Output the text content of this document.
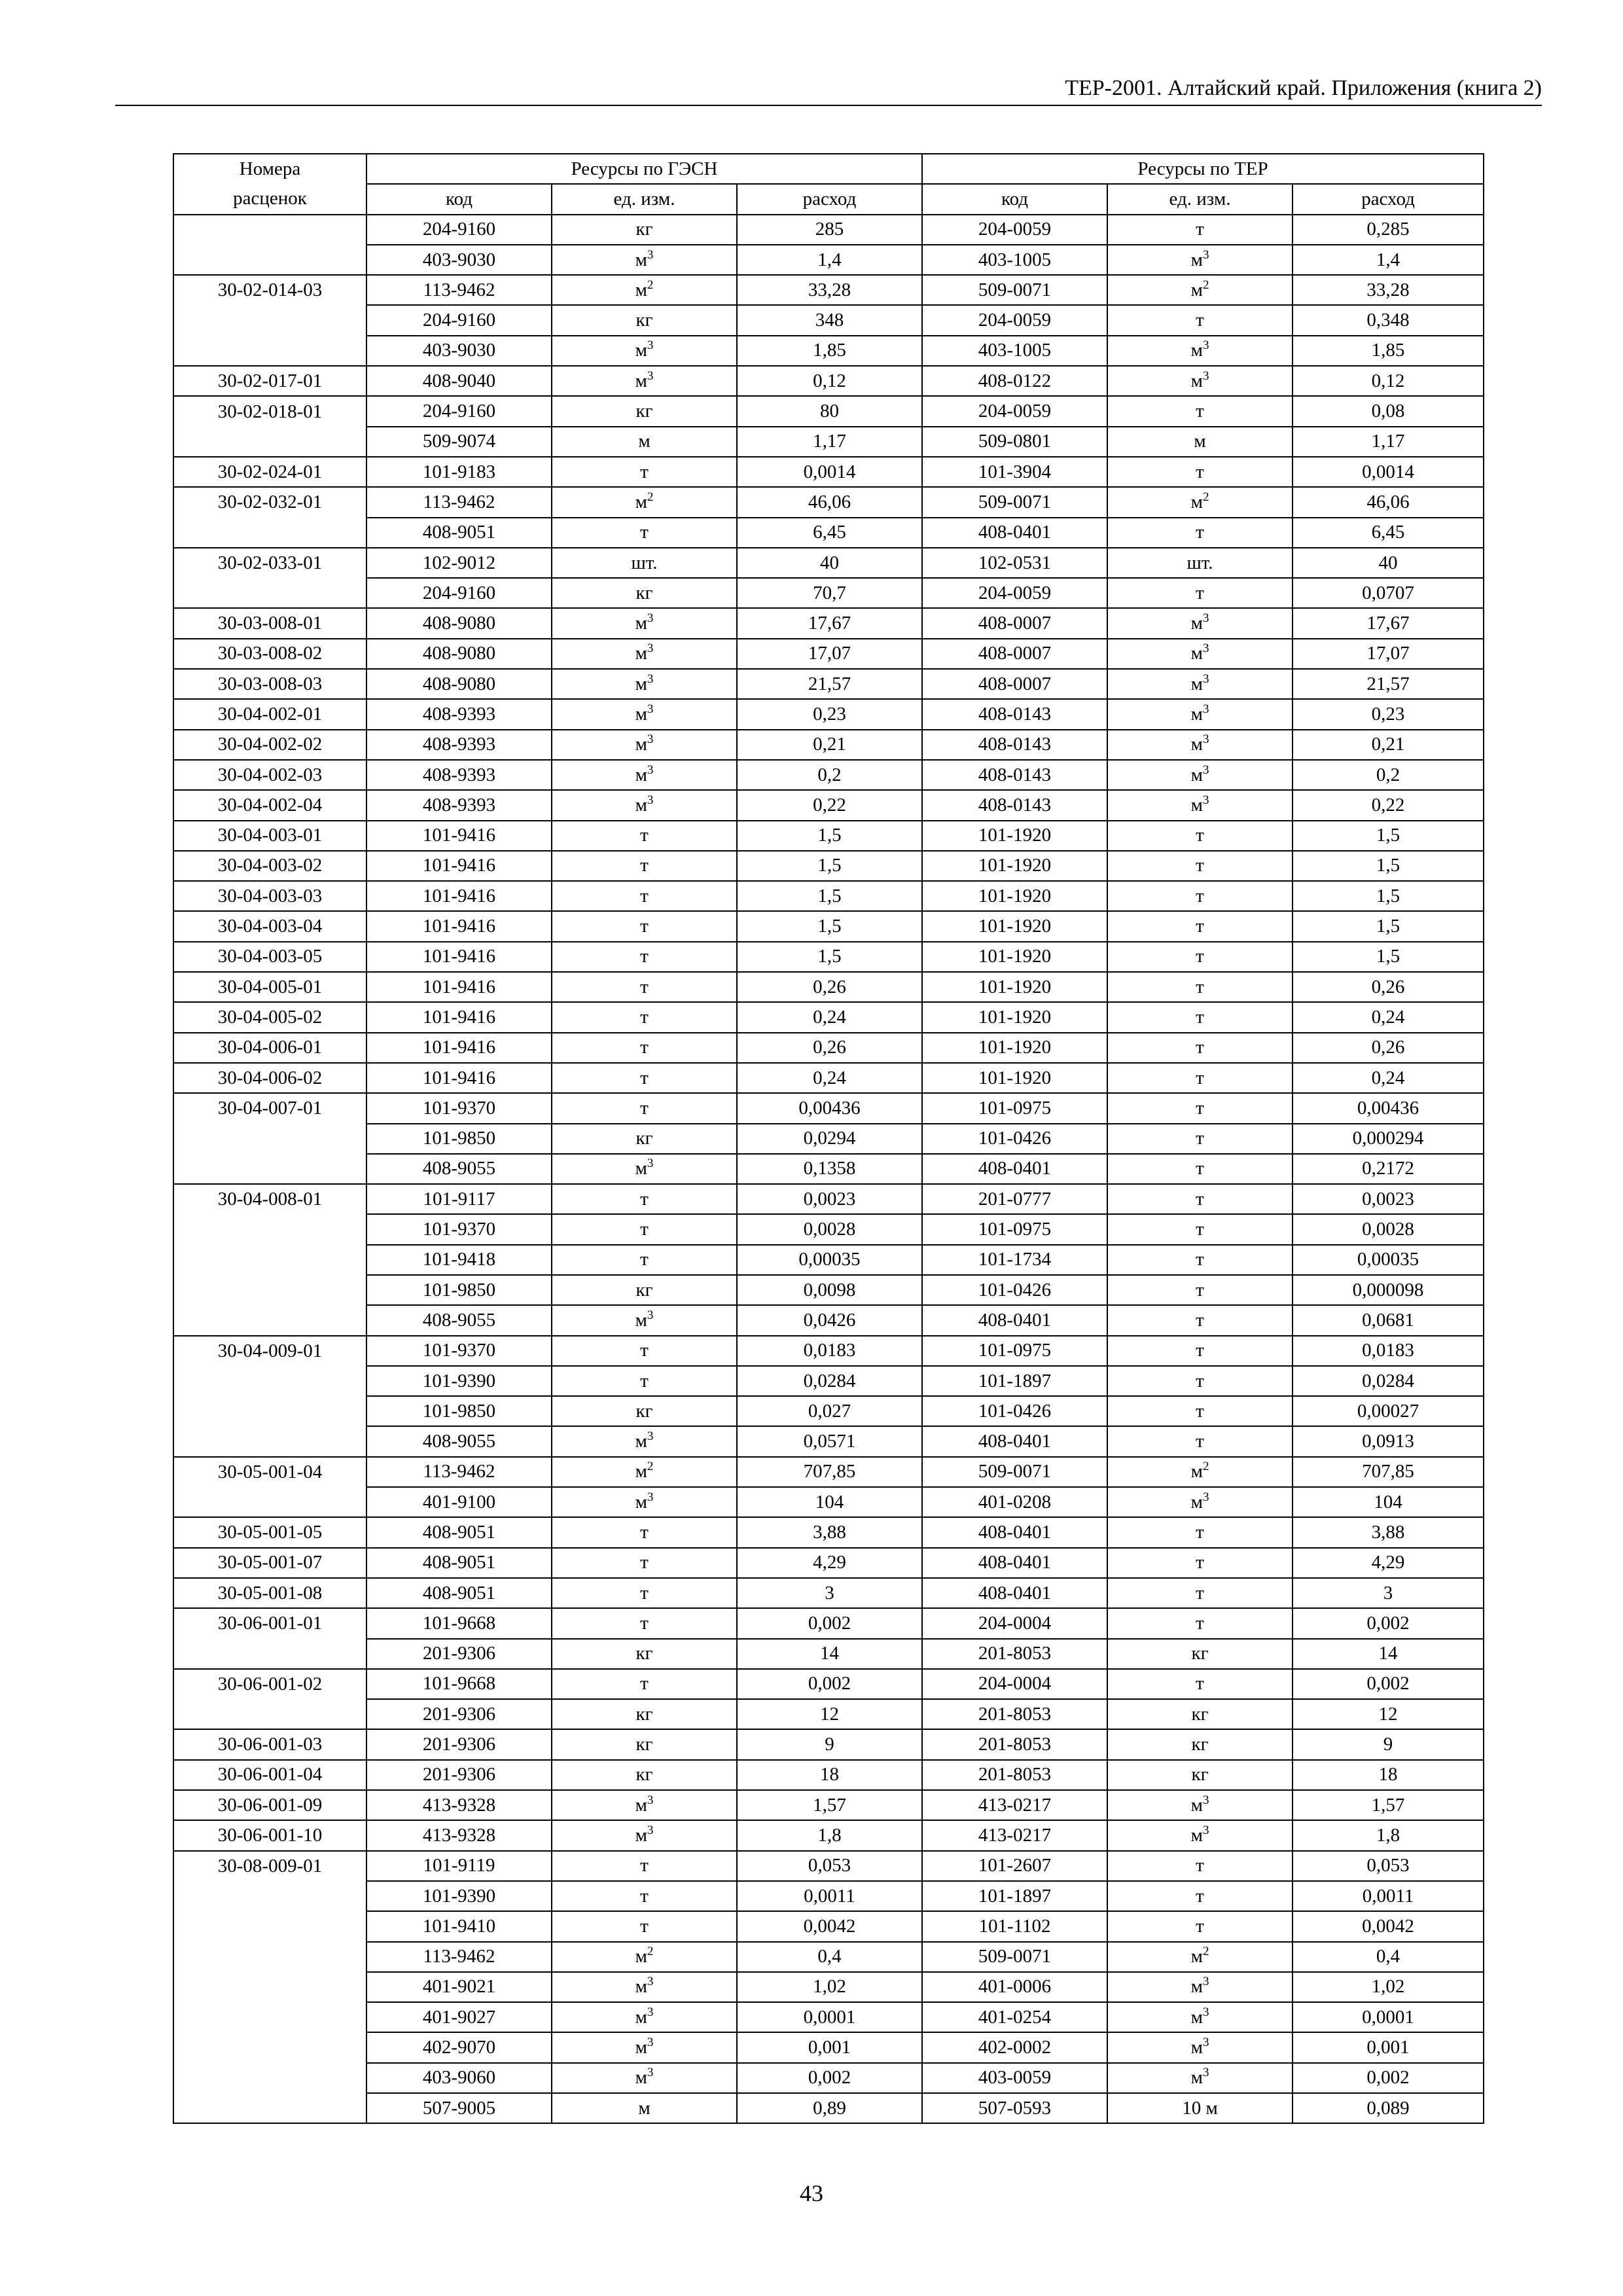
ТЕР-2001. Алтайский край. Приложения (книга 2)
Номера	Ресурсы по ГЭСН			Ресурсы по ТЕР		
расценок	код	ед. изм.	расход	код	ед. изм.	расход
	204-9160	кг	285	204-0059	т	0,285
	403-9030	$м^3$	1,4	403-1005	$м^3$	1,4
30-02-014-03	113-9462	$м^2$	33,28	509-0071	$м^2$	33,28
	204-9160	кг	348	204-0059	т	0,348
	403-9030	$м^3$	1,85	403-1005	$м^3$	1,85
30-02-017-01	408-9040	$м^3$	0,12	408-0122	$м^3$	0,12
30-02-018-01	204-9160	кг	80	204-0059	т	0,08
	509-9074	м	1,17	509-0801	м	1,17
30-02-024-01	101-9183	т	0,0014	101-3904	т	0,0014
30-02-032-01	113-9462	$м^2$	46,06	509-0071	$м^2$	46,06
	408-9051	т	6,45	408-0401	т	6,45
30-02-033-01	102-9012	шт.	40	102-0531	шт.	40
	204-9160	кг	70,7	204-0059	т	0,0707
30-03-008-01	408-9080	$м^3$	17,67	408-0007	$м^3$	17,67
30-03-008-02	408-9080	$м^3$	17,07	408-0007	$м^3$	17,07
30-03-008-03	408-9080	$м^3$	21,57	408-0007	$м^3$	21,57
30-04-002-01	408-9393	$м^3$	0,23	408-0143	$м^3$	0,23
30-04-002-02	408-9393	$м^3$	0,21	408-0143	$м^3$	0,21
30-04-002-03	408-9393	$м^3$	0,2	408-0143	$м^3$	0,2
30-04-002-04	408-9393	$м^3$	0,22	408-0143	$м^3$	0,22
30-04-003-01	101-9416	т	1,5	101-1920	т	1,5
30-04-003-02	101-9416	т	1,5	101-1920	т	1,5
30-04-003-03	101-9416	т	1,5	101-1920	т	1,5
30-04-003-04	101-9416	т	1,5	101-1920	т	1,5
30-04-003-05	101-9416	т	1,5	101-1920	т	1,5
30-04-005-01	101-9416	т	0,26	101-1920	т	0,26
30-04-005-02	101-9416	т	0,24	101-1920	т	0,24
30-04-006-01	101-9416	т	0,26	101-1920	т	0,26
30-04-006-02	101-9416	т	0,24	101-1920	т	0,24
30-04-007-01	101-9370	т	0,00436	101-0975	т	0,00436
	101-9850	кг	0,0294	101-0426	т	0,000294
	408-9055	$м^3$	0,1358	408-0401	т	0,2172
30-04-008-01	101-9117	т	0,0023	201-0777	т	0,0023
	101-9370	т	0,0028	101-0975	т	0,0028
	101-9418	т	0,00035	101-1734	т	0,00035
	101-9850	кг	0,0098	101-0426	т	0,000098
	408-9055	$м^3$	0,0426	408-0401	т	0,0681
30-04-009-01	101-9370	т	0,0183	101-0975	т	0,0183
	101-9390	т	0,0284	101-1897	т	0,0284
	101-9850	кг	0,027	101-0426	т	0,00027
	408-9055	$м^3$	0,0571	408-0401	т	0,0913
30-05-001-04	113-9462	$м^2$	707,85	509-0071	$м^2$	707,85
	401-9100	$м^3$	104	401-0208	$м^3$	104
30-05-001-05	408-9051	т	3,88	408-0401	т	3,88
30-05-001-07	408-9051	т	4,29	408-0401	т	4,29
30-05-001-08	408-9051	т	3	408-0401	т	3
30-06-001-01	101-9668	т	0,002	204-0004	т	0,002
	201-9306	кг	14	201-8053	кг	14
30-06-001-02	101-9668	т	0,002	204-0004	т	0,002
	201-9306	кг	12	201-8053	кг	12
30-06-001-03	201-9306	кг	9	201-8053	кг	9
30-06-001-04	201-9306	кг	18	201-8053	кг	18
30-06-001-09	413-9328	$м^3$	1,57	413-0217	$м^3$	1,57
30-06-001-10	413-9328	$м^3$	1,8	413-0217	$м^3$	1,8
30-08-009-01	101-9119	т	0,053	101-2607	т	0,053
	101-9390	т	0,0011	101-1897	т	0,0011
	101-9410	т	0,0042	101-1102	т	0,0042
	113-9462	$м^2$	0,4	509-0071	$м^2$	0,4
	401-9021	$м^3$	1,02	401-0006	$м^3$	1,02
	401-9027	$м^3$	0,0001	401-0254	$м^3$	0,0001
	402-9070	$м^3$	0,001	402-0002	$м^3$	0,001
	403-9060	$м^3$	0,002	403-0059	$м^3$	0,002
	507-9005	м	0,89	507-0593	10 м	0,089
43
